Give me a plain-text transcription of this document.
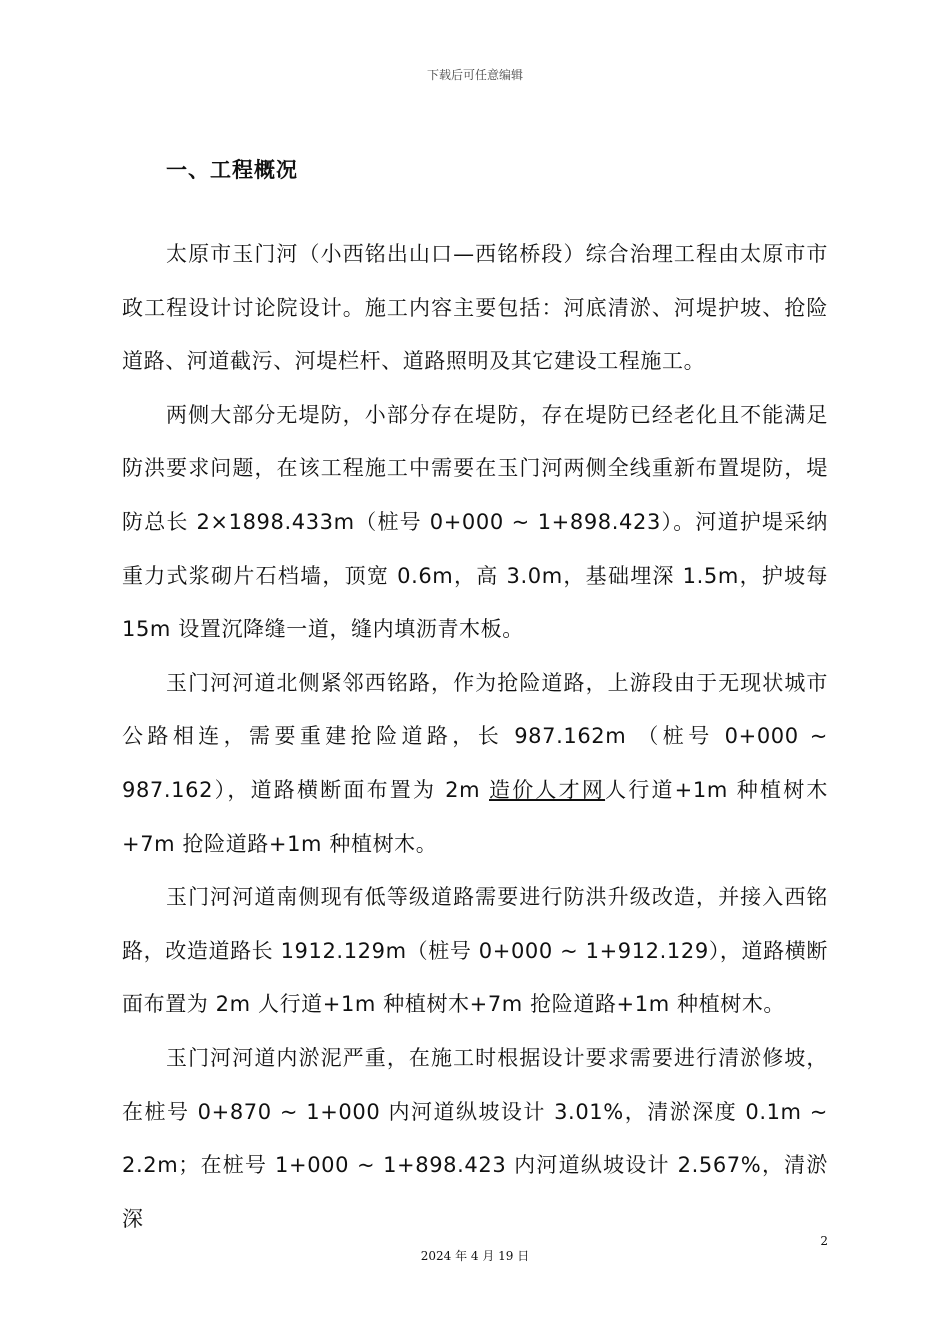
下载后可任意编辑
一、工程概况

太原市玉门河（小西铭出山口—西铭桥段）综合治理工程由太原市市政工程设计讨论院设计。施工内容主要包括：河底清淤、河堤护坡、抢险道路、河道截污、河堤栏杆、道路照明及其它建设工程施工。

两侧大部分无堤防，小部分存在堤防，存在堤防已经老化且不能满足防洪要求问题，在该工程施工中需要在玉门河两侧全线重新布置堤防，堤防总长 2×1898.433m（桩号 0+000 ~ 1+898.423）。河道护堤采纳重力式浆砌片石档墙，顶宽 0.6m，高 3.0m，基础埋深 1.5m，护坡每 15m 设置沉降缝一道，缝内填沥青木板。

玉门河河道北侧紧邻西铭路，作为抢险道路，上游段由于无现状城市公路相连，需要重建抢险道路，长 987.162m （桩号 0+000 ~ 987.162），道路横断面布置为 2m 造价人才网人行道+1m 种植树木+7m 抢险道路+1m 种植树木。

玉门河河道南侧现有低等级道路需要进行防洪升级改造，并接入西铭路，改造道路长 1912.129m（桩号 0+000 ~ 1+912.129），道路横断面布置为 2m 人行道+1m 种植树木+7m 抢险道路+1m 种植树木。

玉门河河道内淤泥严重，在施工时根据设计要求需要进行清淤修坡，在桩号 0+870 ~ 1+000 内河道纵坡设计 3.01%，清淤深度 0.1m ~ 2.2m；在桩号 1+000 ~ 1+898.423 内河道纵坡设计 2.567%，清淤深

2
2024 年 4 月 19 日
